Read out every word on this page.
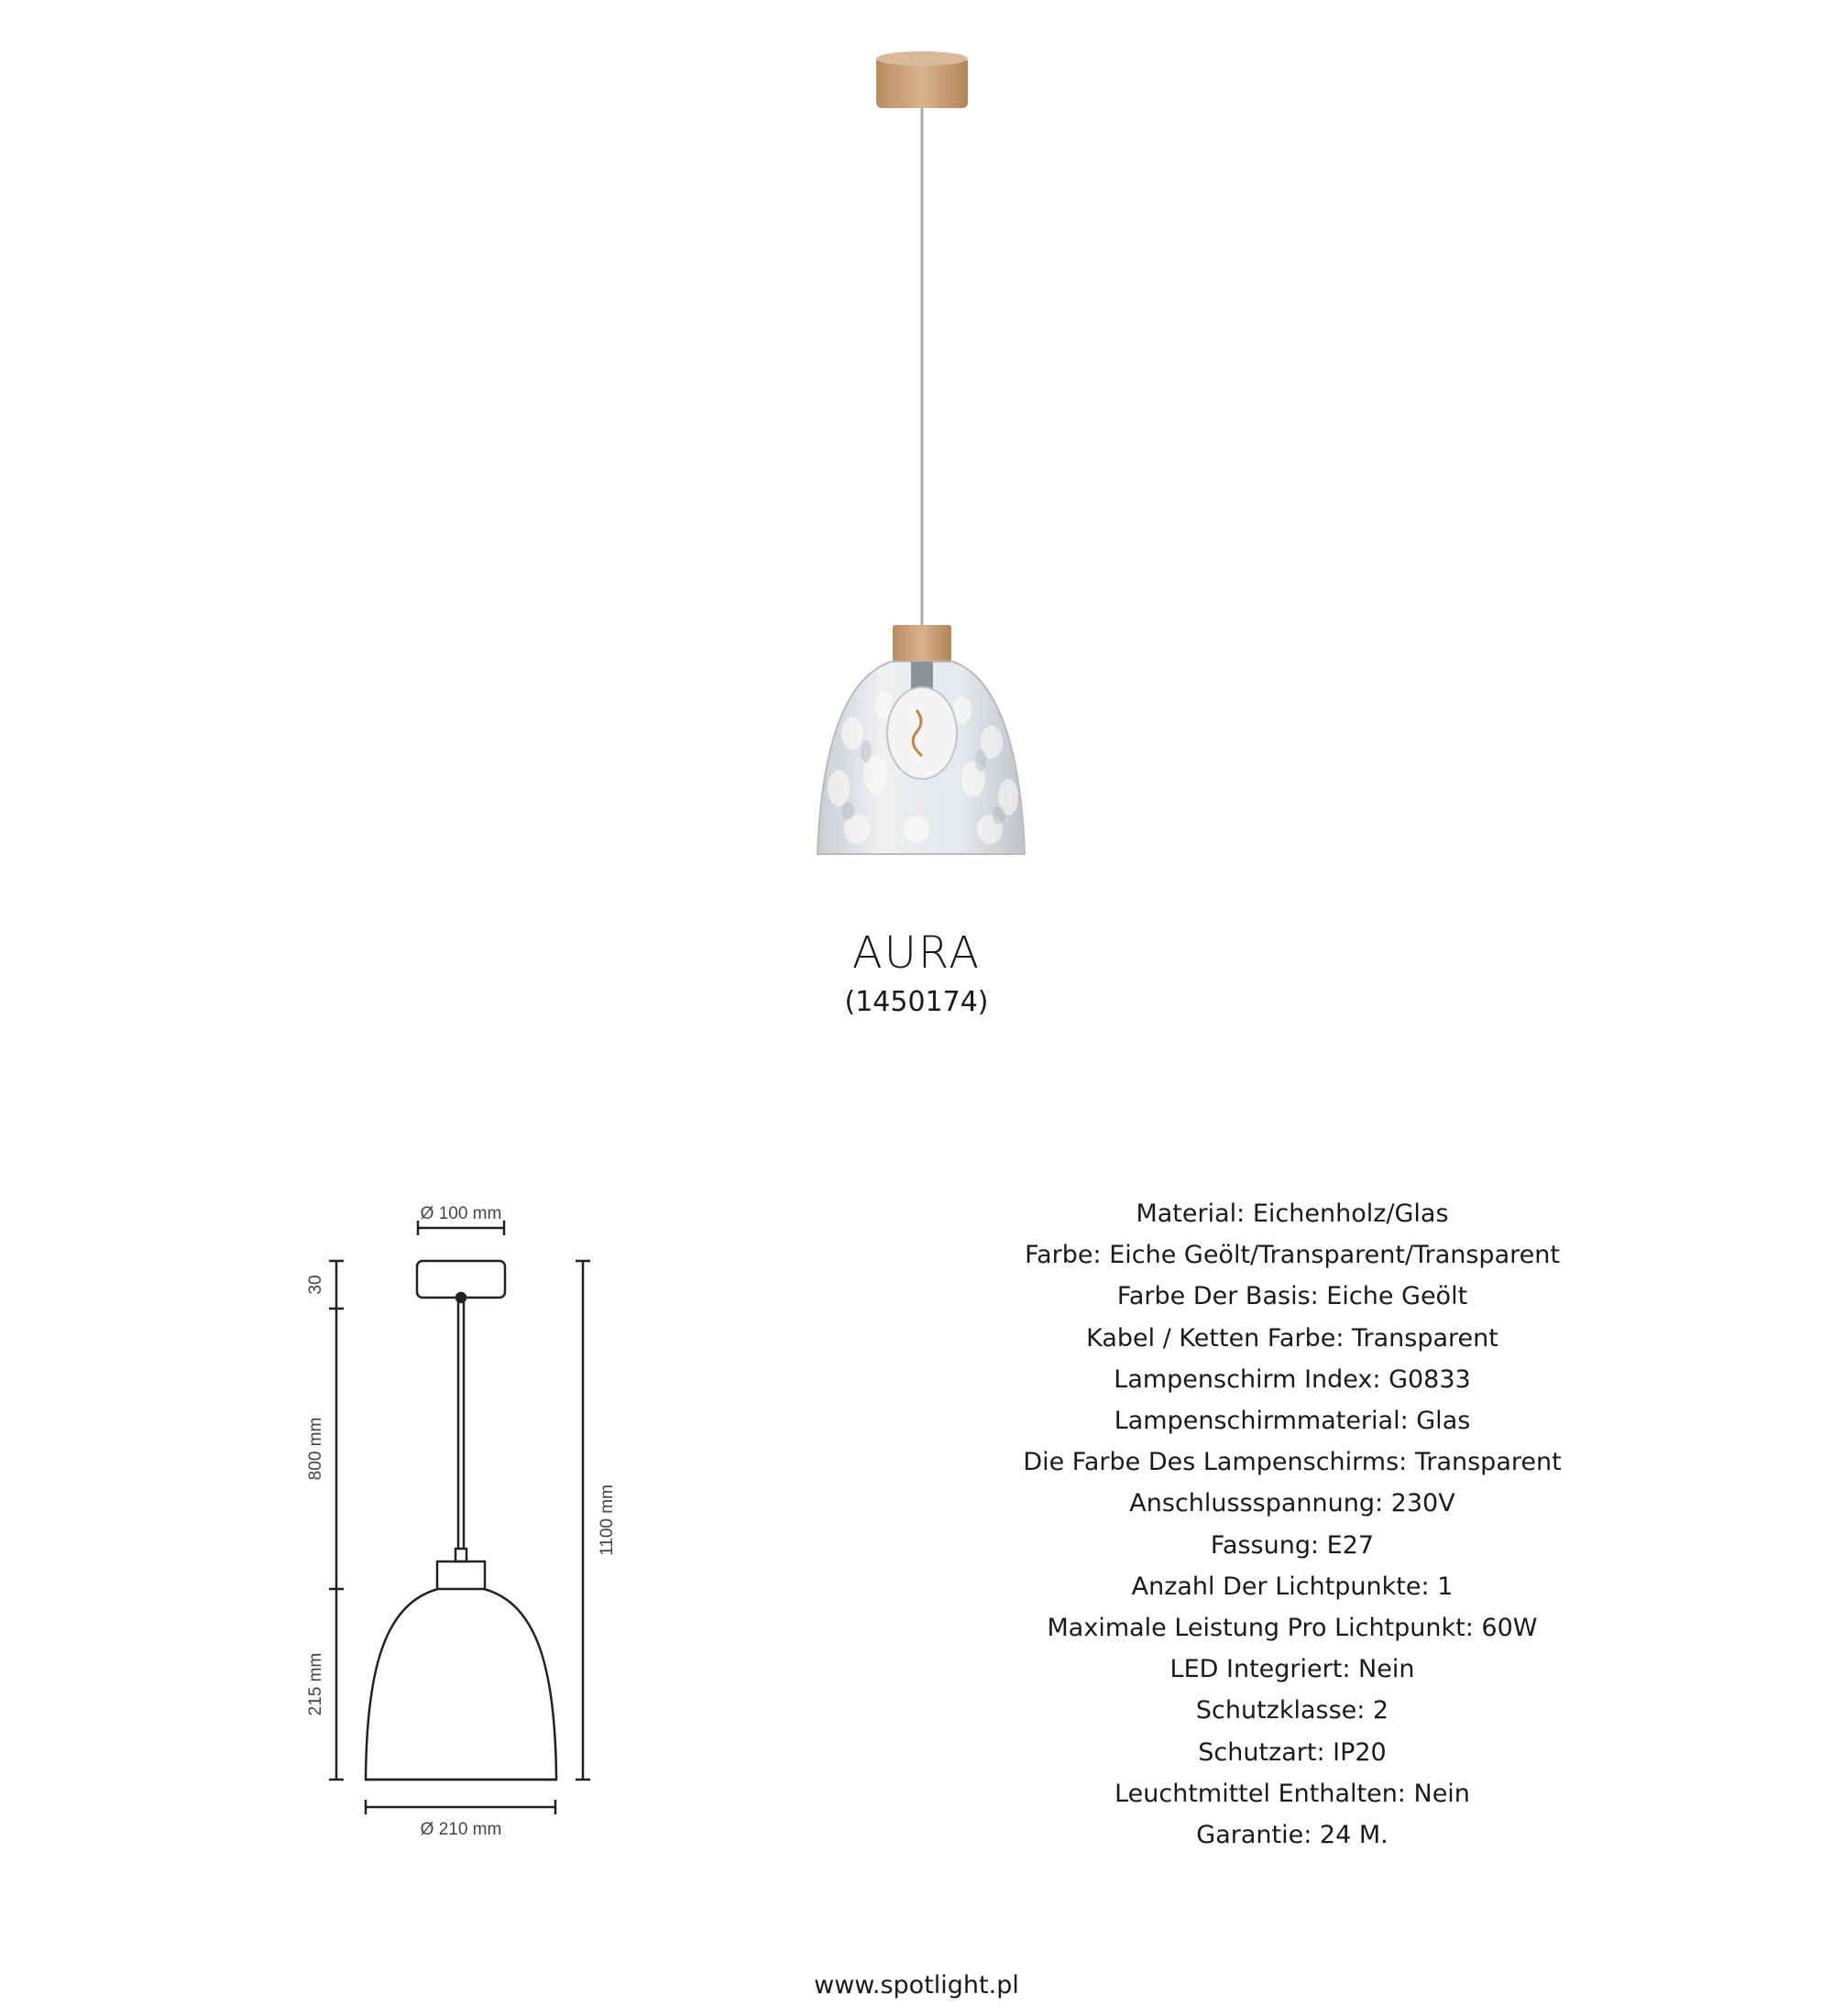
AURA
(1450174)
Ø 100 mm
Ø 210 mm
30
800 mm
215 mm
1100 mm
Material: Eichenholz/Glas
Farbe: Eiche Geölt/Transparent/Transparent
Farbe Der Basis: Eiche Geölt
Kabel / Ketten Farbe: Transparent
Lampenschirm Index: G0833
Lampenschirmmaterial: Glas
Die Farbe Des Lampenschirms: Transparent
Anschlussspannung: 230V
Fassung: E27
Anzahl Der Lichtpunkte: 1
Maximale Leistung Pro Lichtpunkt: 60W
LED Integriert: Nein
Schutzklasse: 2
Schutzart: IP20
Leuchtmittel Enthalten: Nein
Garantie: 24 M.
www.spotlight.pl
